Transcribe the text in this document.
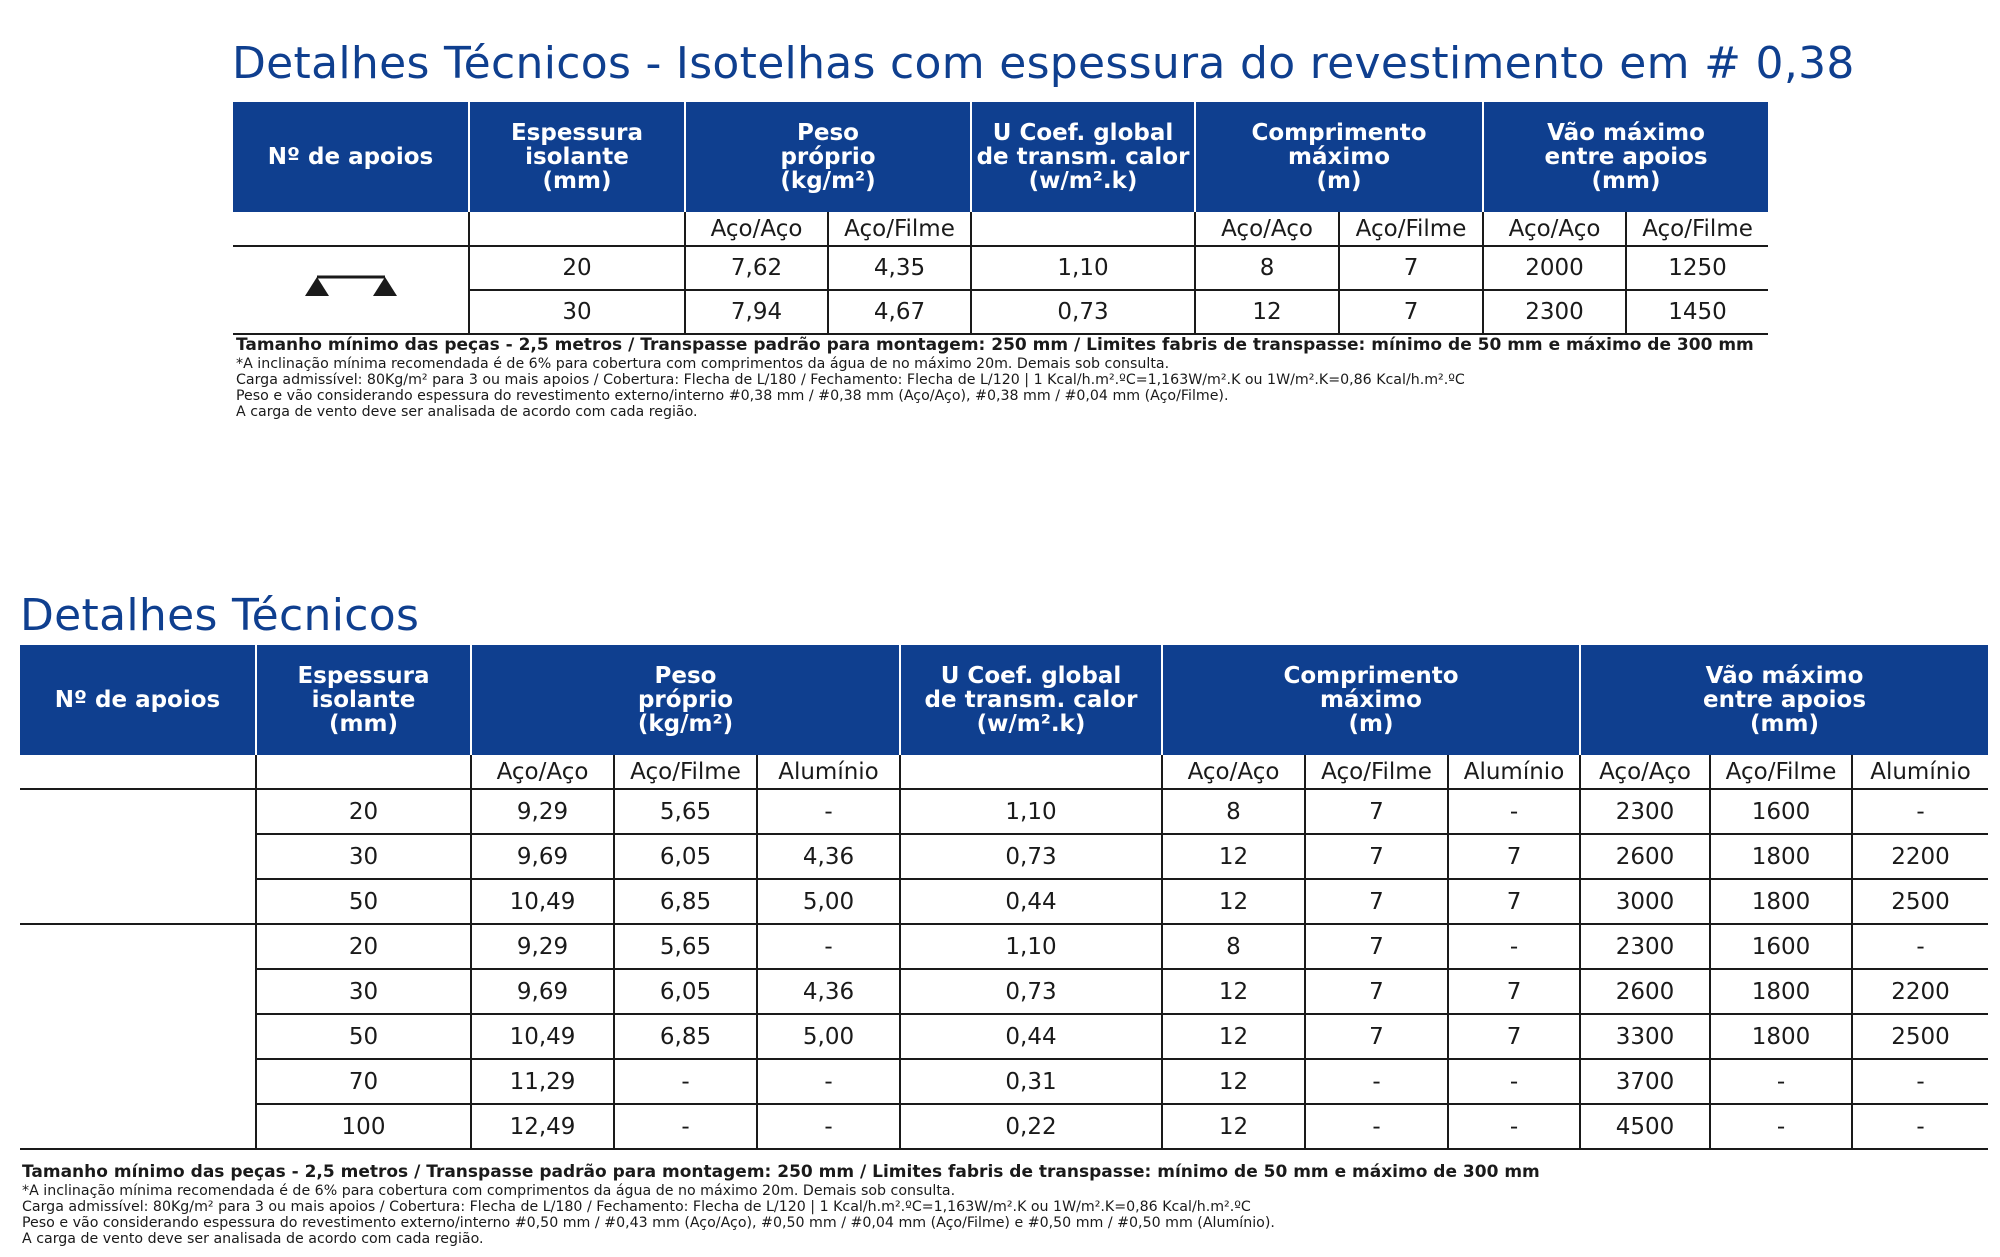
Detalhes Técnicos - Isotelhas com espessura do revestimento em # 0,38
Nº de apoios	Espessura
isolante
(mm)	Peso
próprio
(kg/m²)		U Coef. global
de transm. calor
(w/m².k)	Comprimento
máximo
(m)		Vão máximo
entre apoios
(mm)	
		Aço/Aço	Aço/Filme		Aço/Aço	Aço/Filme	Aço/Aço	Aço/Filme
	20	7,62	4,35	1,10	8	7	2000	1250
	30	7,94	4,67	0,73	12	7	2300	1450

Tamanho mínimo das peças - 2,5 metros / Transpasse padrão para montagem: 250 mm / Limites fabris de transpasse: mínimo de 50 mm e máximo de 300 mm

*A inclinação mínima recomendada é de 6% para cobertura com comprimentos da água de no máximo 20m. Demais sob consulta.

Carga admissível: 80Kg/m² para 3 ou mais apoios / Cobertura: Flecha de L/180 / Fechamento: Flecha de L/120 | 1 Kcal/h.m².ºC=1,163W/m².K ou 1W/m².K=0,86 Kcal/h.m².ºC

Peso e vão considerando espessura do revestimento externo/interno #0,38 mm / #0,38 mm (Aço/Aço), #0,38 mm / #0,04 mm (Aço/Filme).

A carga de vento deve ser analisada de acordo com cada região.

Detalhes Técnicos
Nº de apoios	Espessura
isolante
(mm)	Peso
próprio
(kg/m²)			U Coef. global
de transm. calor
(w/m².k)	Comprimento
máximo
(m)			Vão máximo
entre apoios
(mm)		
		Aço/Aço	Aço/Filme	Alumínio		Aço/Aço	Aço/Filme	Alumínio	Aço/Aço	Aço/Filme	Alumínio
	20	9,29	5,65	-	1,10	8	7	-	2300	1600	-
	30	9,69	6,05	4,36	0,73	12	7	7	2600	1800	2200
	50	10,49	6,85	5,00	0,44	12	7	7	3000	1800	2500
	20	9,29	5,65	-	1,10	8	7	-	2300	1600	-
	30	9,69	6,05	4,36	0,73	12	7	7	2600	1800	2200
	50	10,49	6,85	5,00	0,44	12	7	7	3300	1800	2500
	70	11,29	-	-	0,31	12	-	-	3700	-	-
	100	12,49	-	-	0,22	12	-	-	4500	-	-

Tamanho mínimo das peças - 2,5 metros / Transpasse padrão para montagem: 250 mm / Limites fabris de transpasse: mínimo de 50 mm e máximo de 300 mm

*A inclinação mínima recomendada é de 6% para cobertura com comprimentos da água de no máximo 20m. Demais sob consulta.

Carga admissível: 80Kg/m² para 3 ou mais apoios / Cobertura: Flecha de L/180 / Fechamento: Flecha de L/120 | 1 Kcal/h.m².ºC=1,163W/m².K ou 1W/m².K=0,86 Kcal/h.m².ºC

Peso e vão considerando espessura do revestimento externo/interno #0,50 mm / #0,43 mm (Aço/Aço), #0,50 mm / #0,04 mm (Aço/Filme) e #0,50 mm / #0,50 mm (Alumínio).

A carga de vento deve ser analisada de acordo com cada região.
